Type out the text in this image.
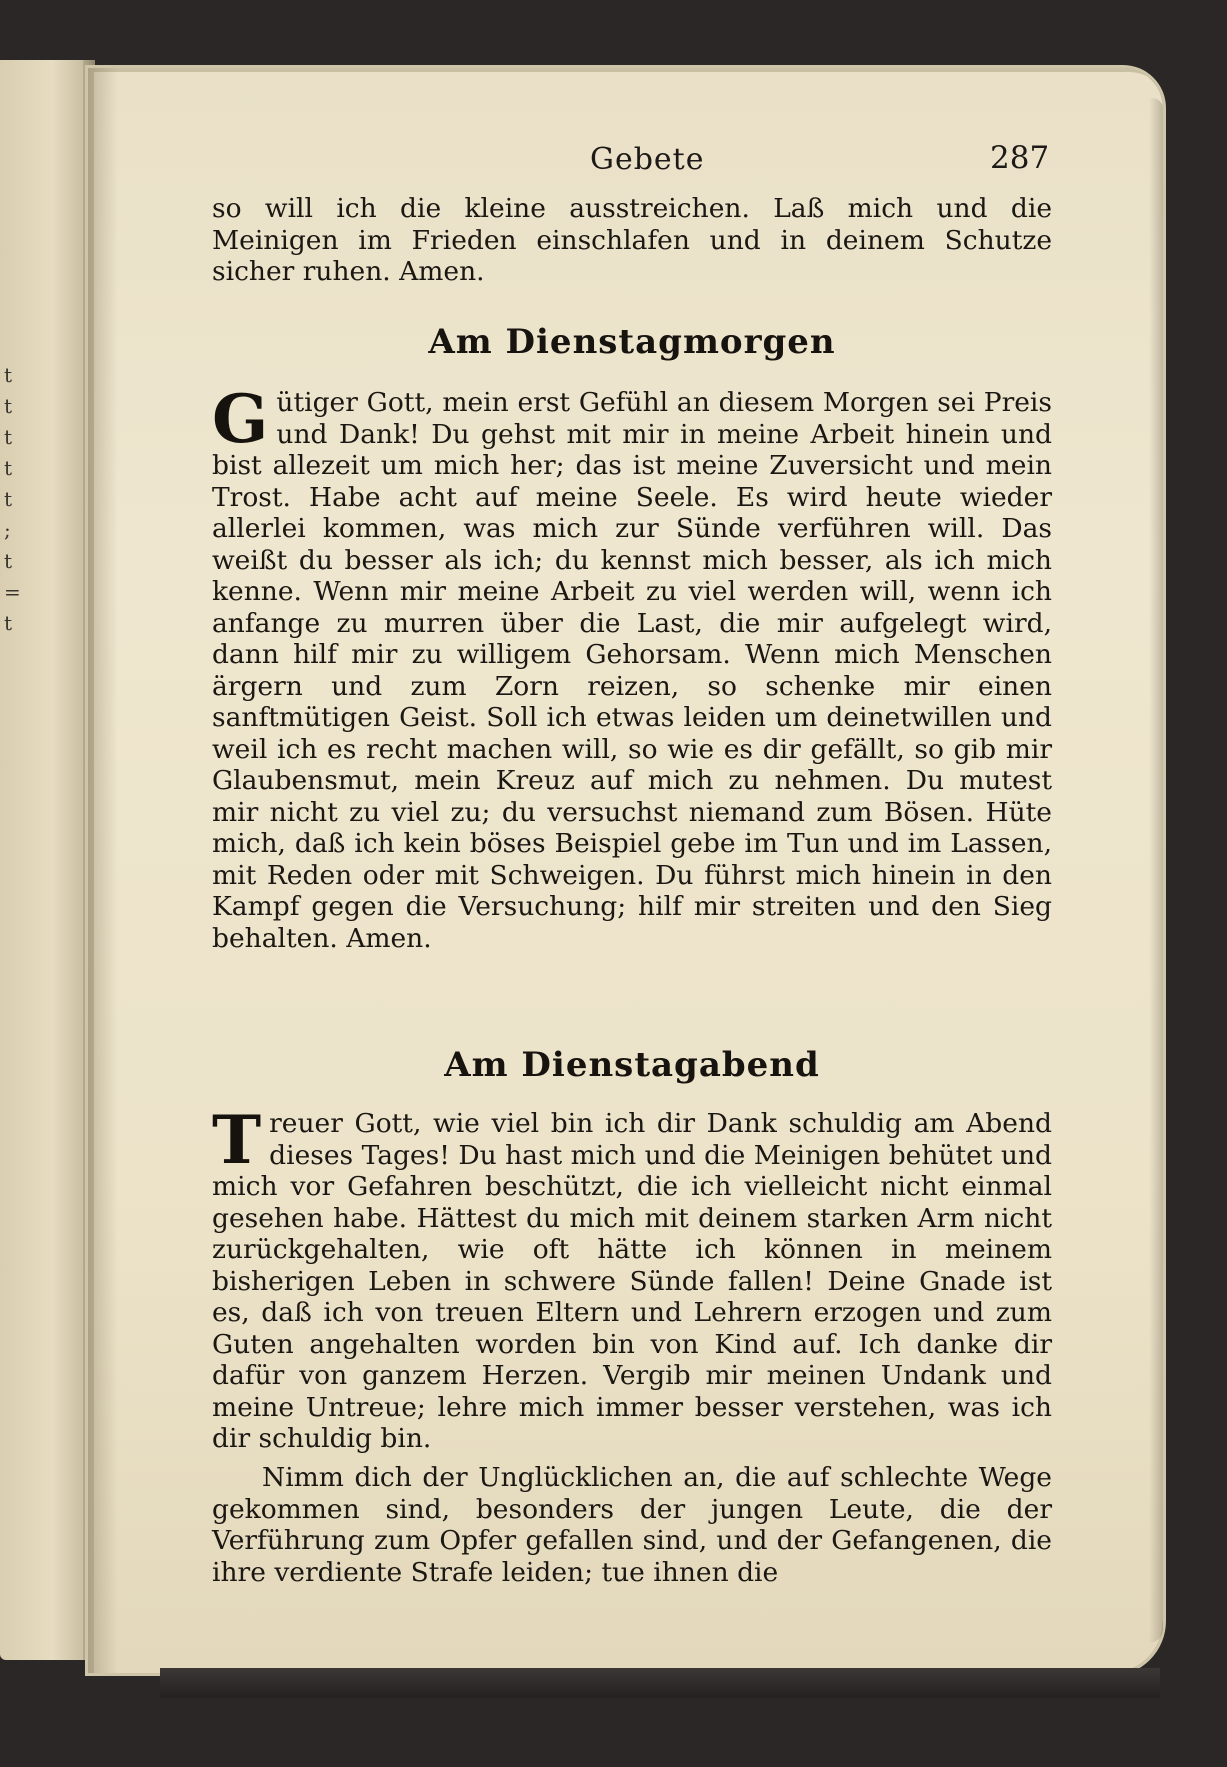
t
t
t
t
t
;
t
=
t
Gebete	287

so will ich die kleine ausstreichen. Laß mich und die Meinigen im Frieden einschlafen und in deinem Schutze sicher ruhen. Amen.

Am Dienstagmorgen

Gütiger Gott, mein erst Gefühl an diesem Morgen sei Preis und Dank! Du gehst mit mir in meine Arbeit hinein und bist allezeit um mich her; das ist meine Zuversicht und mein Trost. Habe acht auf meine Seele. Es wird heute wieder allerlei kommen, was mich zur Sünde verführen will. Das weißt du besser als ich; du kennst mich besser, als ich mich kenne. Wenn mir meine Arbeit zu viel werden will, wenn ich anfange zu murren über die Last, die mir aufgelegt wird, dann hilf mir zu willigem Gehorsam. Wenn mich Menschen ärgern und zum Zorn reizen, so schenke mir einen sanftmütigen Geist. Soll ich etwas leiden um deinetwillen und weil ich es recht machen will, so wie es dir gefällt, so gib mir Glaubensmut, mein Kreuz auf mich zu nehmen. Du mutest mir nicht zu viel zu; du versuchst niemand zum Bösen. Hüte mich, daß ich kein böses Beispiel gebe im Tun und im Lassen, mit Reden oder mit Schweigen. Du führst mich hinein in den Kampf gegen die Versuchung; hilf mir streiten und den Sieg behalten. Amen.

Am Dienstagabend

Treuer Gott, wie viel bin ich dir Dank schuldig am Abend dieses Tages! Du hast mich und die Meinigen behütet und mich vor Gefahren beschützt, die ich vielleicht nicht einmal gesehen habe. Hättest du mich mit deinem starken Arm nicht zurückgehalten, wie oft hätte ich können in meinem bisherigen Leben in schwere Sünde fallen! Deine Gnade ist es, daß ich von treuen Eltern und Lehrern erzogen und zum Guten angehalten worden bin von Kind auf. Ich danke dir dafür von ganzem Herzen. Vergib mir meinen Undank und meine Untreue; lehre mich immer besser verstehen, was ich dir schuldig bin.

Nimm dich der Unglücklichen an, die auf schlechte Wege gekommen sind, besonders der jungen Leute, die der Verführung zum Opfer gefallen sind, und der Gefangenen, die ihre verdiente Strafe leiden; tue ihnen die
